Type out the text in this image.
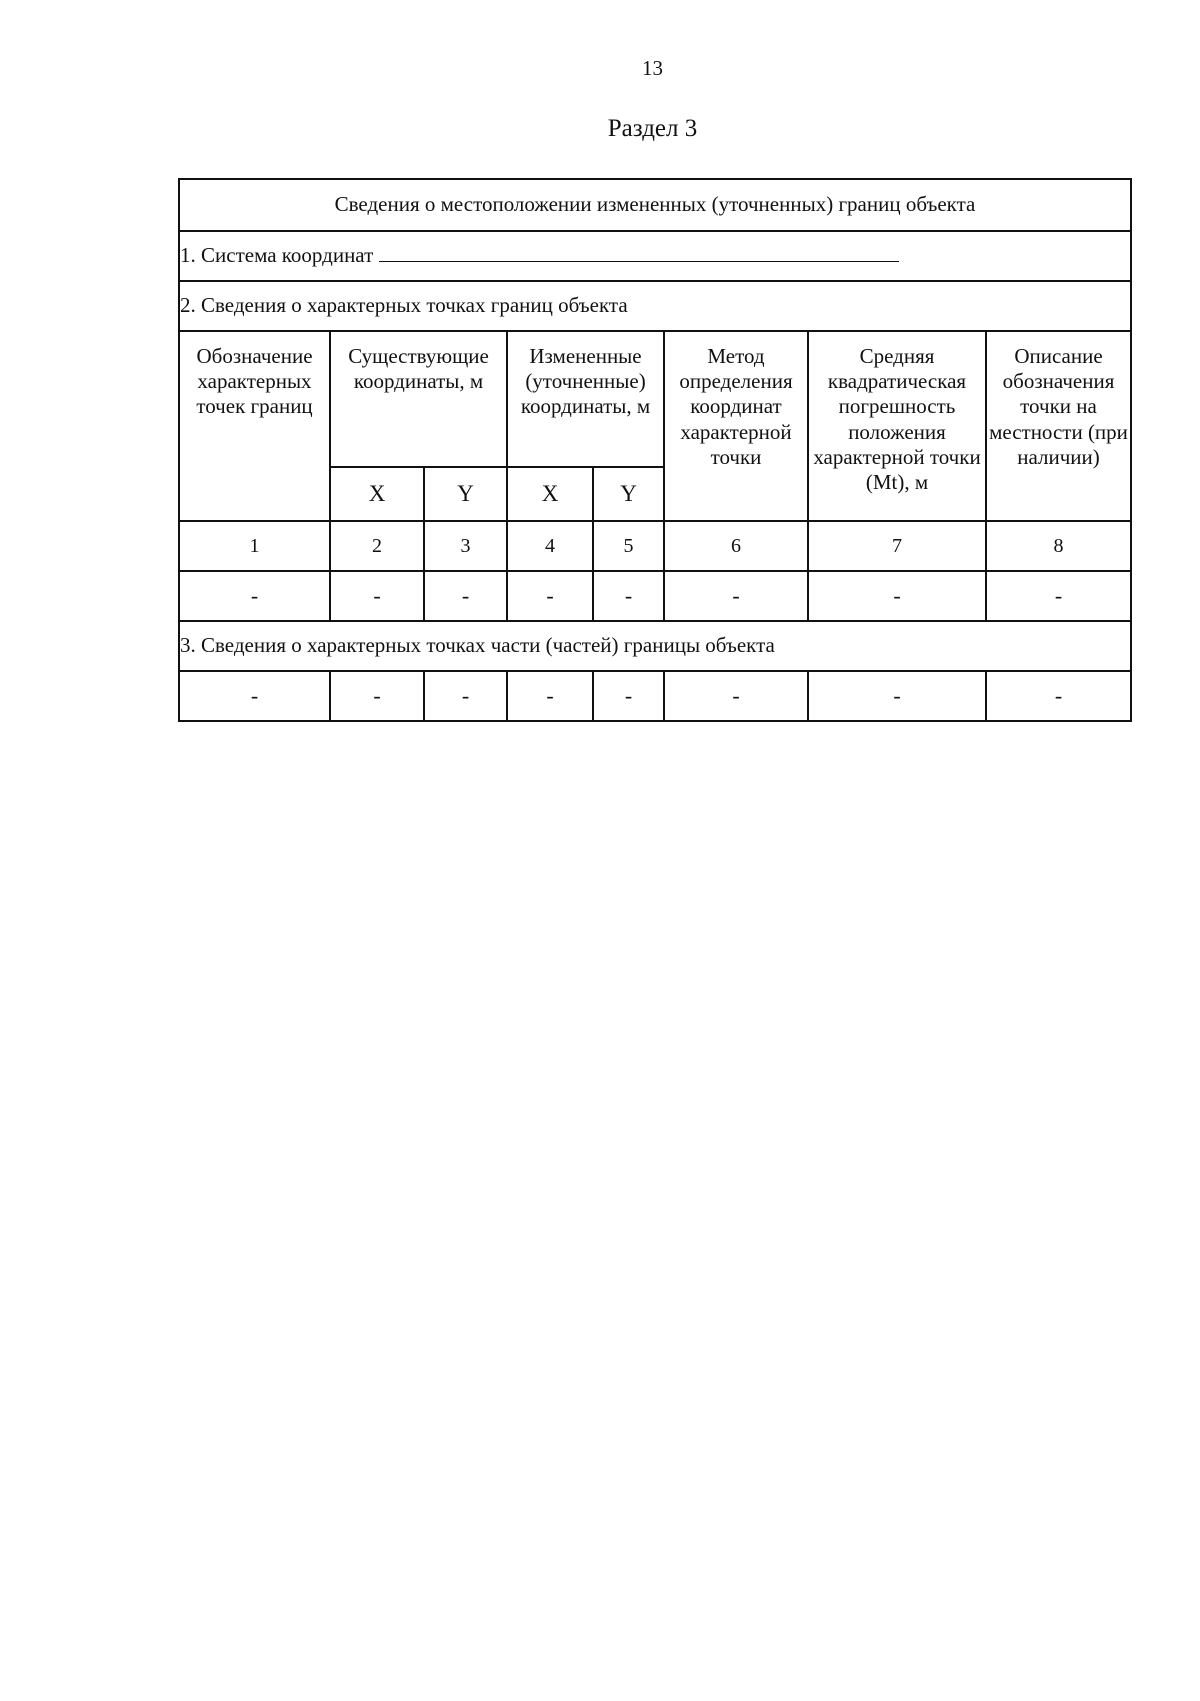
13
Раздел 3
Сведения о местоположении измененных (уточненных) границ объекта							
1. Система координат							
2. Сведения о характерных точках границ объекта							
Обозначение характерных точек границ	Существующие координаты, м		Измененные (уточненные) координаты, м		Метод определения координат характерной точки	Средняя квадратическая погрешность положения характерной точки (Mt), м	Описание обозначения точки на местности (при наличии)
	X	Y	X	Y			
1	2	3	4	5	6	7	8
-	-	-	-	-	-	-	-
3. Сведения о характерных точках части (частей) границы объекта							
-	-	-	-	-	-	-	-
